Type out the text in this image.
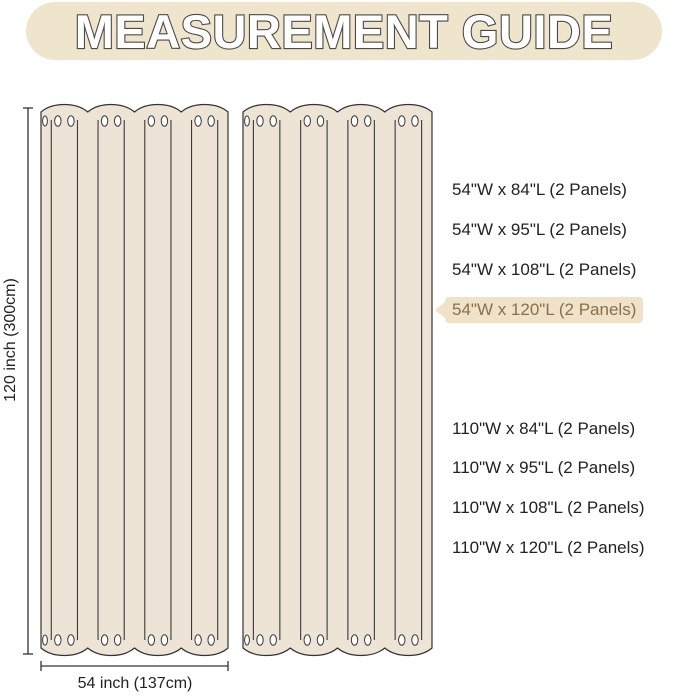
MEASUREMENT GUIDE
120 inch (300cm)
54 inch (137cm)
54"W x 84"L (2 Panels)
54"W x 95"L (2 Panels)
54"W x 108"L (2 Panels)
54"W x 120"L (2 Panels)
110"W x 84"L (2 Panels)
110"W x 95"L (2 Panels)
110"W x 108"L (2 Panels)
110"W x 120"L (2 Panels)
